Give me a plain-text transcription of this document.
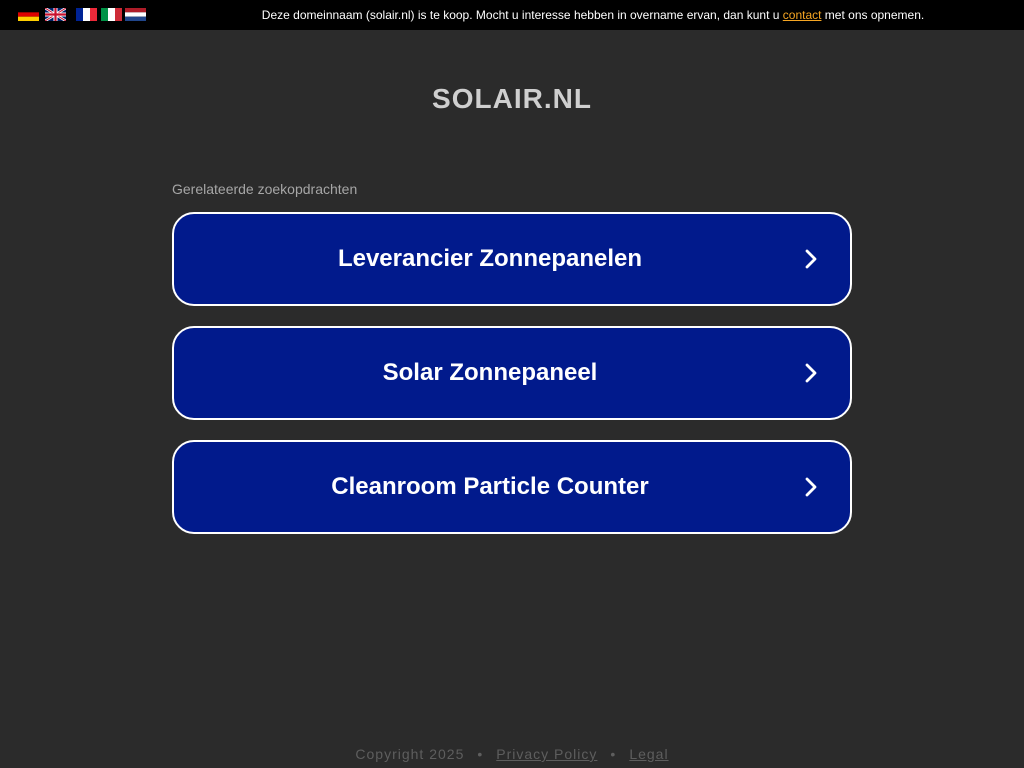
Deze domeinnaam (solair.nl) is te koop. Mocht u interesse hebben in overname ervan, dan kunt u contact met ons opnemen.
SOLAIR.NL
Gerelateerde zoekopdrachten
Leverancier Zonnepanelen
Solar Zonnepaneel
Cleanroom Particle Counter
Copyright 2025 • Privacy Policy • Legal
